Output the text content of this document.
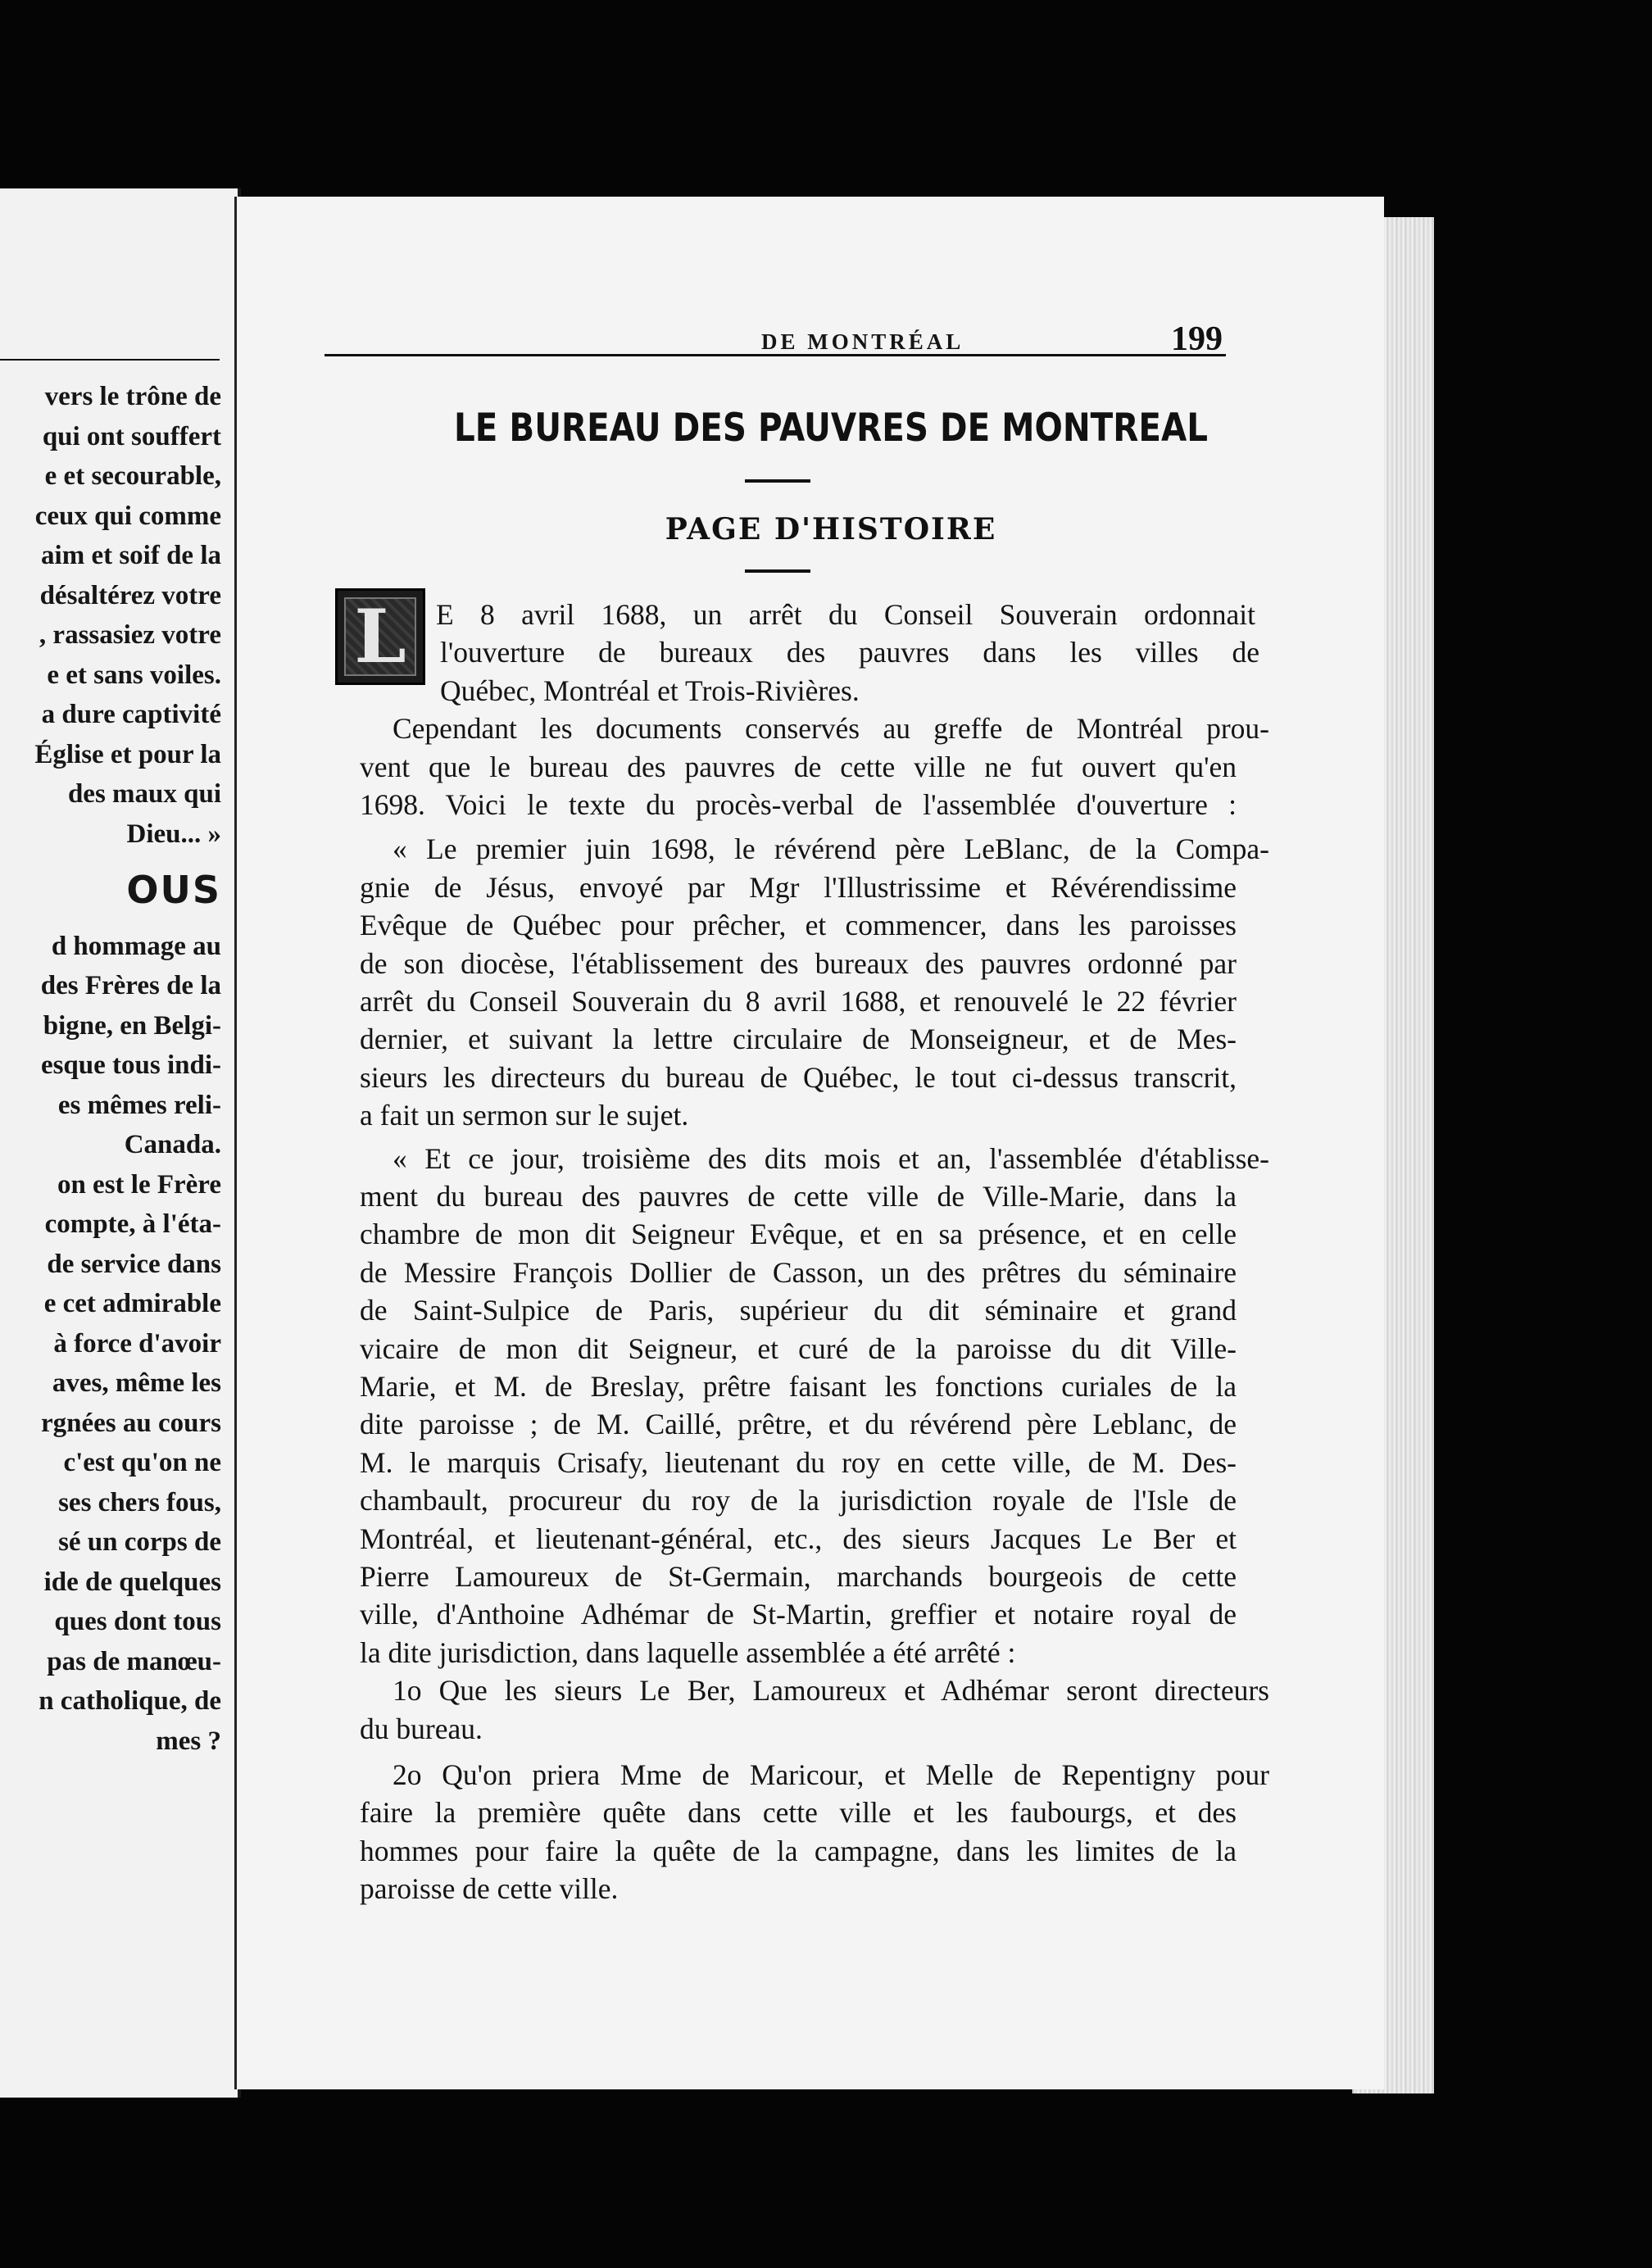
vers le trône de
qui ont souffert
e et secourable,
ceux qui comme
aim et soif de la
désaltérez votre
, rassasiez votre
e et sans voiles.
a dure captivité
Église et pour la
des maux qui
Dieu... »
OUS
d hommage au
des Frères de la
bigne, en Belgi-
esque tous indi-
es mêmes reli-
Canada.
on est le Frère
compte, à l'éta-
de service dans
e cet admirable
à force d'avoir
aves, même les
rgnées au cours
c'est qu'on ne
ses chers fous,
sé un corps de
ide de quelques
ques dont tous
pas de manœu-
n catholique, de
mes ?
DE MONTRÉAL	199
LE BUREAU DES PAUVRES DE MONTREAL
PAGE D'HISTOIRE
L	E 8 avril 1688, un arrêt du Conseil Souverain ordonnait
l'ouverture de bureaux des pauvres dans les villes de
Québec, Montréal et Trois-Rivières.
Cependant les documents conservés au greffe de Montréal prou-
vent que le bureau des pauvres de cette ville ne fut ouvert qu'en
1698. Voici le texte du procès-verbal de l'assemblée d'ouverture :
« Le premier juin 1698, le révérend père LeBlanc, de la Compa-
gnie de Jésus, envoyé par Mgr l'Illustrissime et Révérendissime
Evêque de Québec pour prêcher, et commencer, dans les paroisses
de son diocèse, l'établissement des bureaux des pauvres ordonné par
arrêt du Conseil Souverain du 8 avril 1688, et renouvelé le 22 février
dernier, et suivant la lettre circulaire de Monseigneur, et de Mes-
sieurs les directeurs du bureau de Québec, le tout ci-dessus transcrit,
a fait un sermon sur le sujet.
« Et ce jour, troisième des dits mois et an, l'assemblée d'établisse-
ment du bureau des pauvres de cette ville de Ville-Marie, dans la
chambre de mon dit Seigneur Evêque, et en sa présence, et en celle
de Messire François Dollier de Casson, un des prêtres du séminaire
de Saint-Sulpice de Paris, supérieur du dit séminaire et grand
vicaire de mon dit Seigneur, et curé de la paroisse du dit Ville-
Marie, et M. de Breslay, prêtre faisant les fonctions curiales de la
dite paroisse ; de M. Caillé, prêtre, et du révérend père Leblanc, de
M. le marquis Crisafy, lieutenant du roy en cette ville, de M. Des-
chambault, procureur du roy de la jurisdiction royale de l'Isle de
Montréal, et lieutenant-général, etc., des sieurs Jacques Le Ber et
Pierre Lamoureux de St-Germain, marchands bourgeois de cette
ville, d'Anthoine Adhémar de St-Martin, greffier et notaire royal de
la dite jurisdiction, dans laquelle assemblée a été arrêté :
1o Que les sieurs Le Ber, Lamoureux et Adhémar seront directeurs
du bureau.
2o Qu'on priera Mme de Maricour, et Melle de Repentigny pour
faire la première quête dans cette ville et les faubourgs, et des
hommes pour faire la quête de la campagne, dans les limites de la
paroisse de cette ville.
